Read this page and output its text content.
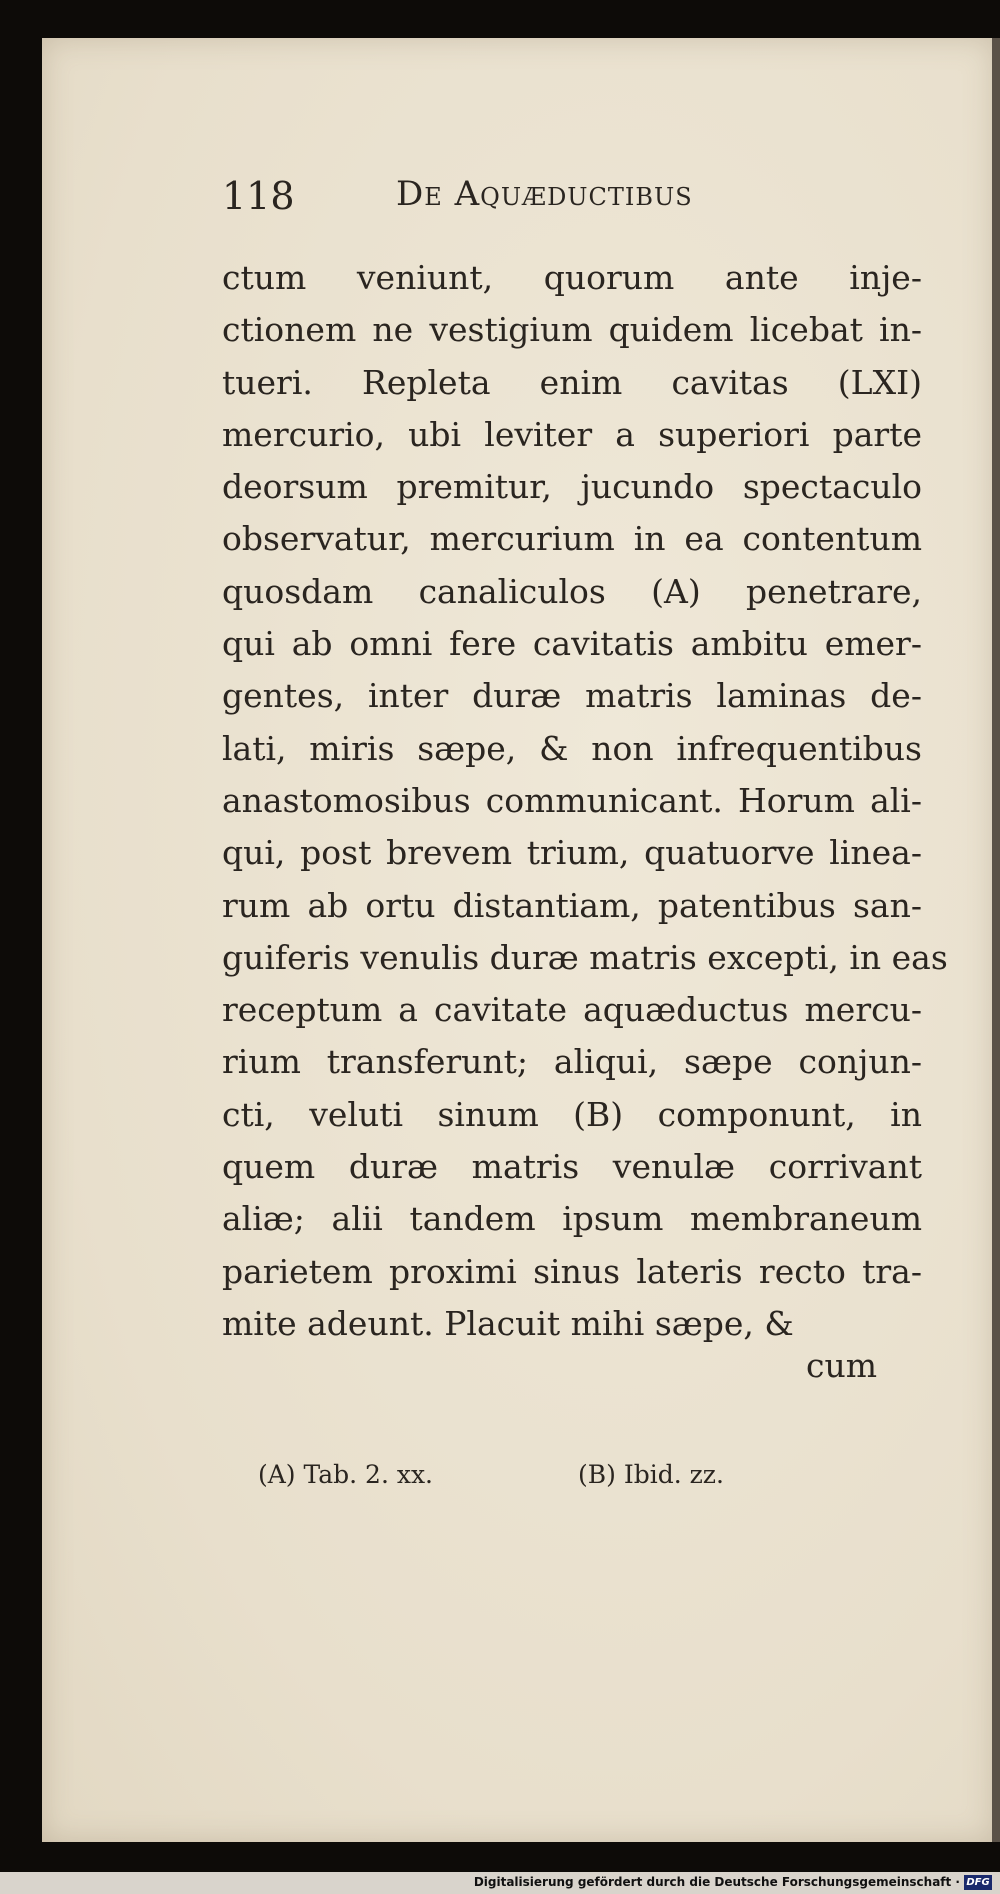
118	De Aquæductibus
ctum veniunt, quorum ante inje-
ctionem ne vestigium quidem licebat in-
tueri. Repleta enim cavitas (LXI)
mercurio, ubi leviter a superiori parte
deorsum premitur, jucundo spectaculo
observatur, mercurium in ea contentum
quosdam canaliculos (A) penetrare,
qui ab omni fere cavitatis ambitu emer-
gentes, inter duræ matris laminas de-
lati, miris sæpe, & non infrequentibus
anastomosibus communicant. Horum ali-
qui, post brevem trium, quatuorve linea-
rum ab ortu distantiam, patentibus san-
guiferis venulis duræ matris excepti, in eas
receptum a cavitate aquæductus mercu-
rium transferunt; aliqui, sæpe conjun-
cti, veluti sinum (B) componunt, in
quem duræ matris venulæ corrivant
aliæ; alii tandem ipsum membraneum
parietem proximi sinus lateris recto tra-
mite adeunt. Placuit mihi sæpe, &
cum
(A) Tab. 2. xx.	(B) Ibid. zz.
Digitalisierung gefördert durch die Deutsche Forschungsgemeinschaft · DFG
